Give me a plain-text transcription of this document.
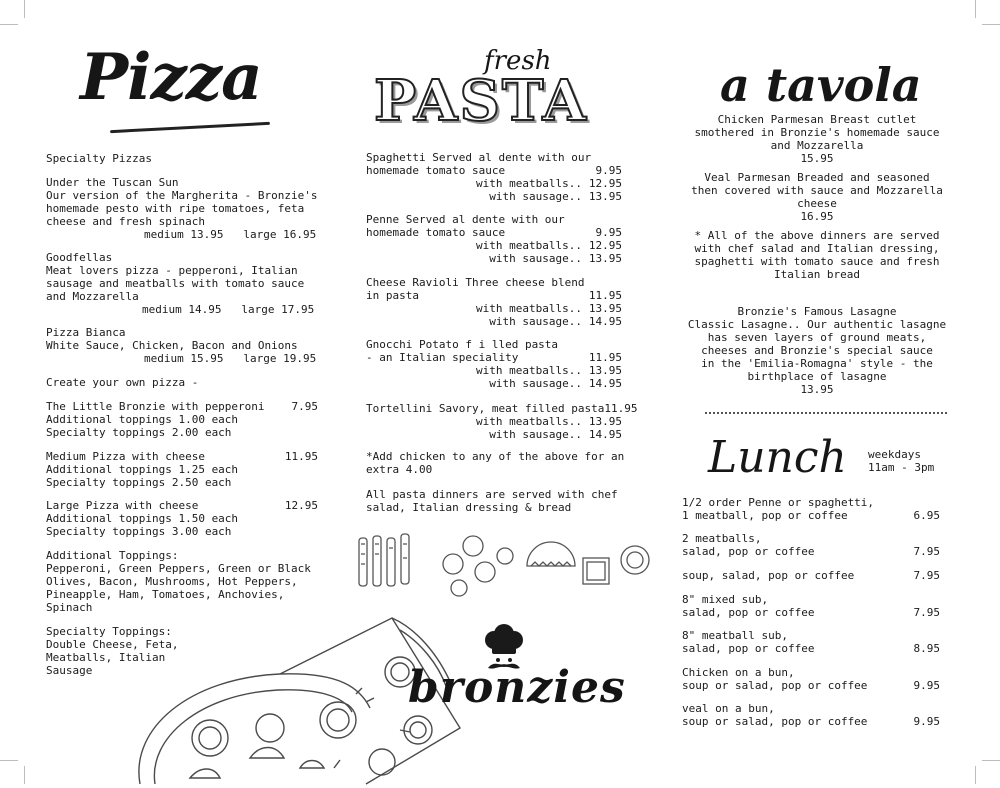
Pizza
Specialty Pizzas
Under the Tuscan Sun
Our version of the Margherita - Bronzie's
homemade pesto with ripe tomatoes, feta
cheese and fresh spinach
medium 13.95   large 16.95
Goodfellas
Meat lovers pizza - pepperoni, Italian
sausage and meatballs with tomato sauce
and Mozzarella
medium 14.95   large 17.95
Pizza Bianca
White Sauce, Chicken, Bacon and Onions
medium 15.95   large 19.95
Create your own pizza -
The Little Bronzie with pepperoni 7.95
Additional toppings 1.00 each
Specialty toppings 2.00 each
Medium Pizza with cheese	11.95
Additional toppings 1.25 each
Specialty toppings 2.50 each
Large Pizza with cheese	12.95
Additional toppings 1.50 each
Specialty toppings 3.00 each
Additional Toppings:
Pepperoni, Green Peppers, Green or Black
Olives, Bacon, Mushrooms, Hot Peppers,
Pineapple, Ham, Tomatoes, Anchovies,
Spinach
Specialty Toppings:
Double Cheese, Feta,
Meatballs, Italian
Sausage
fresh
PASTA
Spaghetti Served al dente with our
homemade tomato sauce	9.95
with meatballs.. 12.95
with sausage.. 13.95
Penne Served al dente with our
homemade tomato sauce	9.95
with meatballs.. 12.95
with sausage.. 13.95
Cheese Ravioli Three cheese blend
in pasta	11.95
with meatballs.. 13.95
with sausage.. 14.95
Gnocchi Potato f i lled pasta
- an Italian speciality	11.95
with meatballs.. 13.95
with sausage.. 14.95
Tortellini Savory, meat filled pasta 11.95
with meatballs.. 13.95
with sausage.. 14.95
*Add chicken to any of the above for an
extra 4.00
All pasta dinners are served with chef
salad, Italian dressing & bread
bronzies
a tavola
Chicken Parmesan Breast cutlet
smothered in Bronzie's homemade sauce
and Mozzarella
15.95
Veal Parmesan Breaded and seasoned
then covered with sauce and Mozzarella
cheese
16.95
* All of the above dinners are served
with chef salad and Italian dressing,
spaghetti with tomato sauce and fresh
Italian bread
Bronzie's Famous Lasagne
Classic Lasagne.. Our authentic lasagne
has seven layers of ground meats,
cheeses and Bronzie's special sauce
in the 'Emilia-Romagna' style - the
birthplace of lasagne
13.95
Lunch weekdays
11am - 3pm
1/2 order Penne or spaghetti,
1 meatball, pop or coffee	6.95
2 meatballs,
salad, pop or coffee	7.95
soup, salad, pop or coffee	7.95
8" mixed sub,
salad, pop or coffee	7.95
8" meatball sub,
salad, pop or coffee	8.95
Chicken on a bun,
soup or salad, pop or coffee	9.95
veal on a bun,
soup or salad, pop or coffee	9.95
